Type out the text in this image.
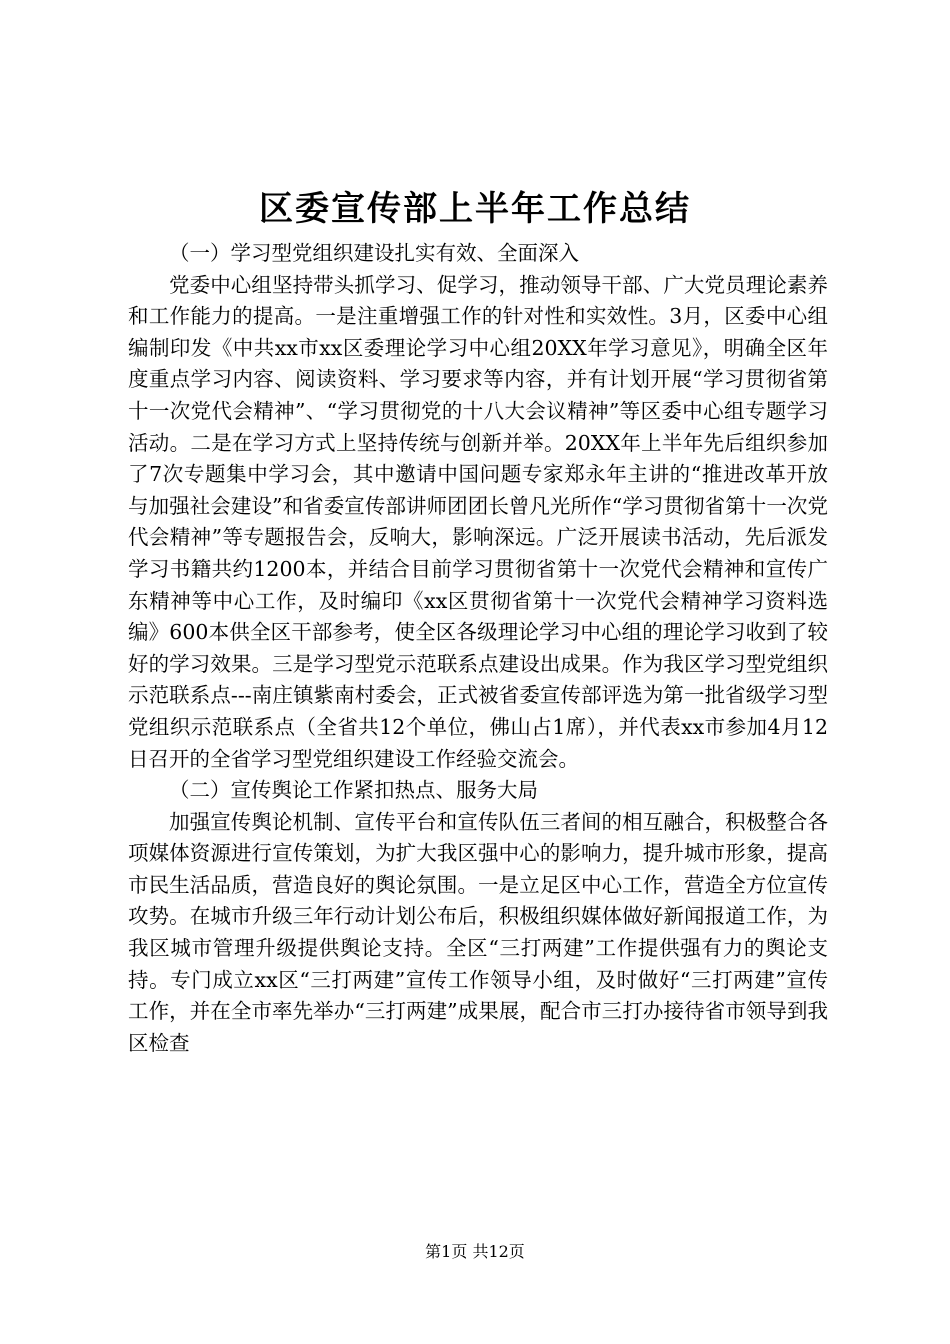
区委宣传部上半年工作总结

（一）学习型党组织建设扎实有效、全面深入

党委中心组坚持带头抓学习、促学习，推动领导干部、广大党员理论素养和工作能力的提高。一是注重增强工作的针对性和实效性。3月，区委中心组编制印发《中共xx市xx区委理论学习中心组20XX年学习意见》，明确全区年度重点学习内容、阅读资料、学习要求等内容，并有计划开展“学习贯彻省第十一次党代会精神”、“学习贯彻党的十八大会议精神”等区委中心组专题学习活动。二是在学习方式上坚持传统与创新并举。20XX年上半年先后组织参加了7次专题集中学习会，其中邀请中国问题专家郑永年主讲的“推进改革开放与加强社会建设”和省委宣传部讲师团团长曾凡光所作“学习贯彻省第十一次党代会精神”等专题报告会，反响大，影响深远。广泛开展读书活动，先后派发学习书籍共约1200本，并结合目前学习贯彻省第十一次党代会精神和宣传广东精神等中心工作，及时编印《xx区贯彻省第十一次党代会精神学习资料选编》600本供全区干部参考，使全区各级理论学习中心组的理论学习收到了较好的学习效果。三是学习型党示范联系点建设出成果。作为我区学习型党组织示范联系点---南庄镇紫南村委会，正式被省委宣传部评选为第一批省级学习型党组织示范联系点（全省共12个单位，佛山占1席），并代表xx市参加4月12日召开的全省学习型党组织建设工作经验交流会。

（二）宣传舆论工作紧扣热点、服务大局

加强宣传舆论机制、宣传平台和宣传队伍三者间的相互融合，积极整合各项媒体资源进行宣传策划，为扩大我区强中心的影响力，提升城市形象，提高市民生活品质，营造良好的舆论氛围。一是立足区中心工作，营造全方位宣传攻势。在城市升级三年行动计划公布后，积极组织媒体做好新闻报道工作，为我区城市管理升级提供舆论支持。全区“三打两建”工作提供强有力的舆论支持。专门成立xx区“三打两建”宣传工作领导小组，及时做好“三打两建”宣传工作，并在全市率先举办“三打两建”成果展，配合市三打办接待省市领导到我区检查

第1页 共12页
